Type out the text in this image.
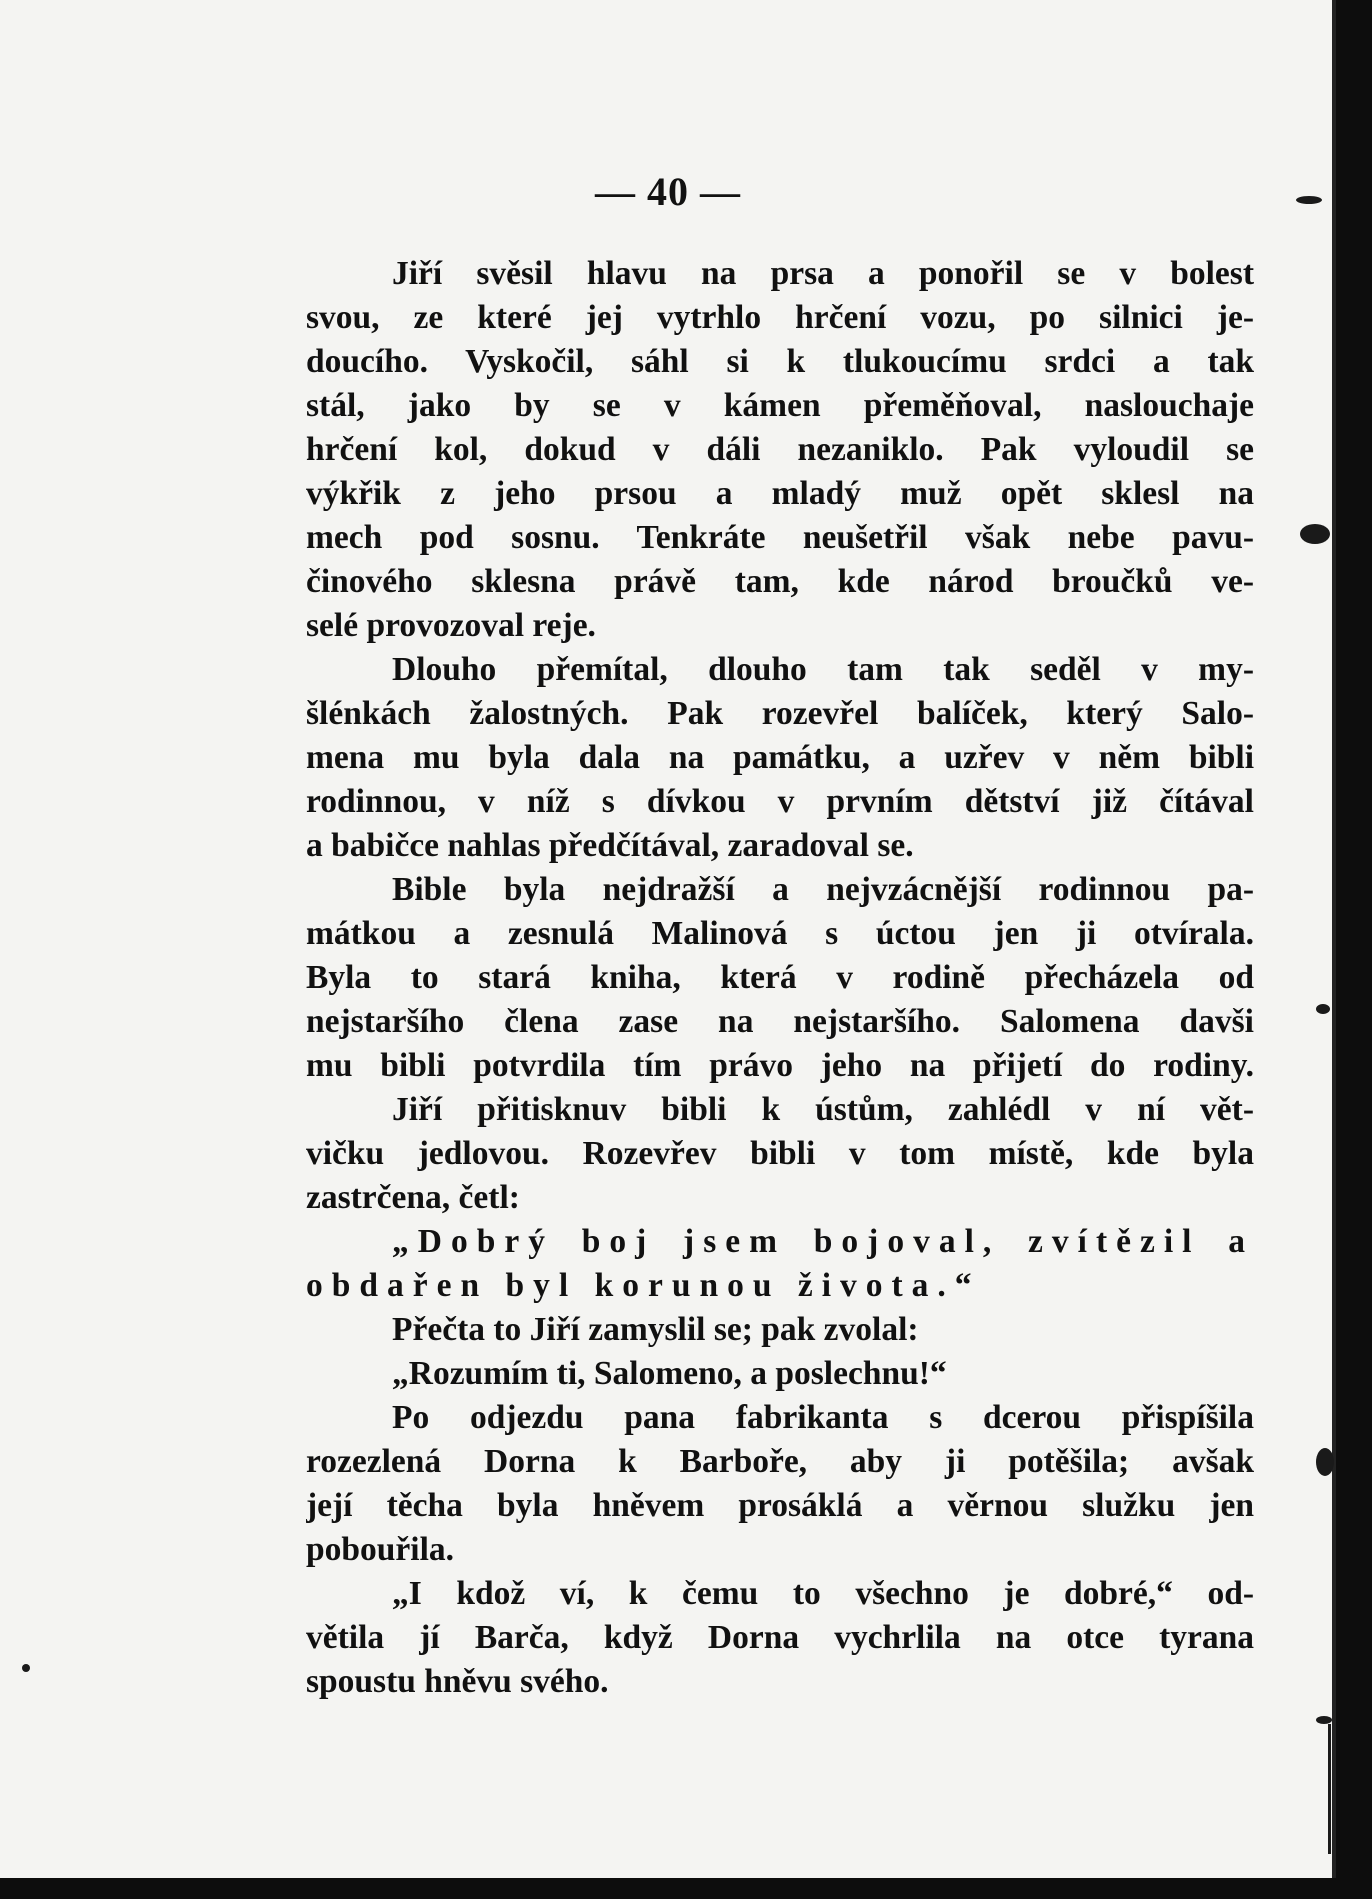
— 40 —
Jiří svěsil hlavu na prsa a ponořil se v bolest
svou, ze které jej vytrhlo hrčení vozu, po silnici je-
doucího. Vyskočil, sáhl si k tlukoucímu srdci a tak
stál, jako by se v kámen přeměňoval, naslouchaje
hrčení kol, dokud v dáli nezaniklo. Pak vyloudil se
výkřik z jeho prsou a mladý muž opět sklesl na
mech pod sosnu. Tenkráte neušetřil však nebe pavu-
činového sklesna právě tam, kde národ broučků ve-
selé provozoval reje.
Dlouho přemítal, dlouho tam tak seděl v my-
šlénkách žalostných. Pak rozevřel balíček, který Salo-
mena mu byla dala na památku, a uzřev v něm bibli
rodinnou, v níž s dívkou v prvním dětství již čítával
a babičce nahlas předčítával, zaradoval se.
Bible byla nejdražší a nejvzácnější rodinnou pa-
mátkou a zesnulá Malinová s úctou jen ji otvírala.
Byla to stará kniha, která v rodině přecházela od
nejstaršího člena zase na nejstaršího. Salomena davši
mu bibli potvrdila tím právo jeho na přijetí do rodiny.
Jiří přitisknuv bibli k ústům, zahlédl v ní vět-
vičku jedlovou. Rozevřev bibli v tom místě, kde byla
zastrčena, četl:
„Dobrý boj jsem bojoval, zvítězil a
obdařen byl korunou života.“
Přečta to Jiří zamyslil se; pak zvolal:
„Rozumím ti, Salomeno, a poslechnu!“
Po odjezdu pana fabrikanta s dcerou přispíšila
rozezlená Dorna k Barboře, aby ji potěšila; avšak
její těcha byla hněvem prosáklá a věrnou služku jen
pobouřila.
„I kdož ví, k čemu to všechno je dobré,“ od-
větila jí Barča, když Dorna vychrlila na otce tyrana
spoustu hněvu svého.
